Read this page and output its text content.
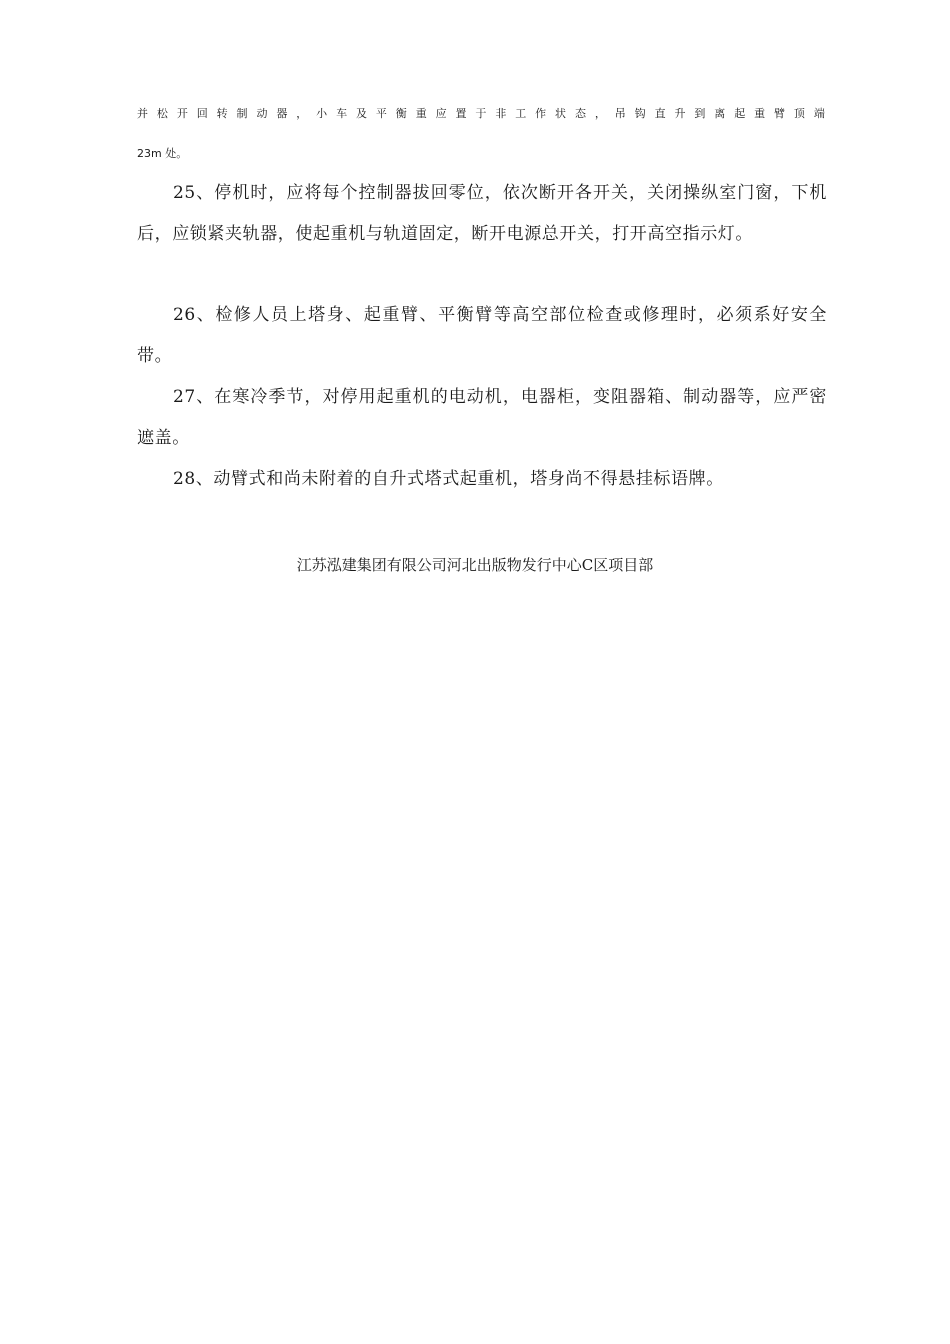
并 松 开 回 转 制 动 器 ， 小 车 及 平 衡 重 应 置 于 非 工 作 状 态 ， 吊 钩 直 升 到 离 起 重 臂 顶 端
23m 处。

25、停机时，应将每个控制器拔回零位，依次断开各开关，关闭操纵室门窗，下机后，应锁紧夹轨器，使起重机与轨道固定，断开电源总开关，打开高空指示灯。

26、检修人员上塔身、起重臂、平衡臂等高空部位检查或修理时，必须系好安全带。

27、在寒冷季节，对停用起重机的电动机，电器柜，变阻器箱、制动器等，应严密遮盖。

28、动臂式和尚未附着的自升式塔式起重机，塔身尚不得悬挂标语牌。

江苏泓建集团有限公司河北出版物发行中心C区项目部
